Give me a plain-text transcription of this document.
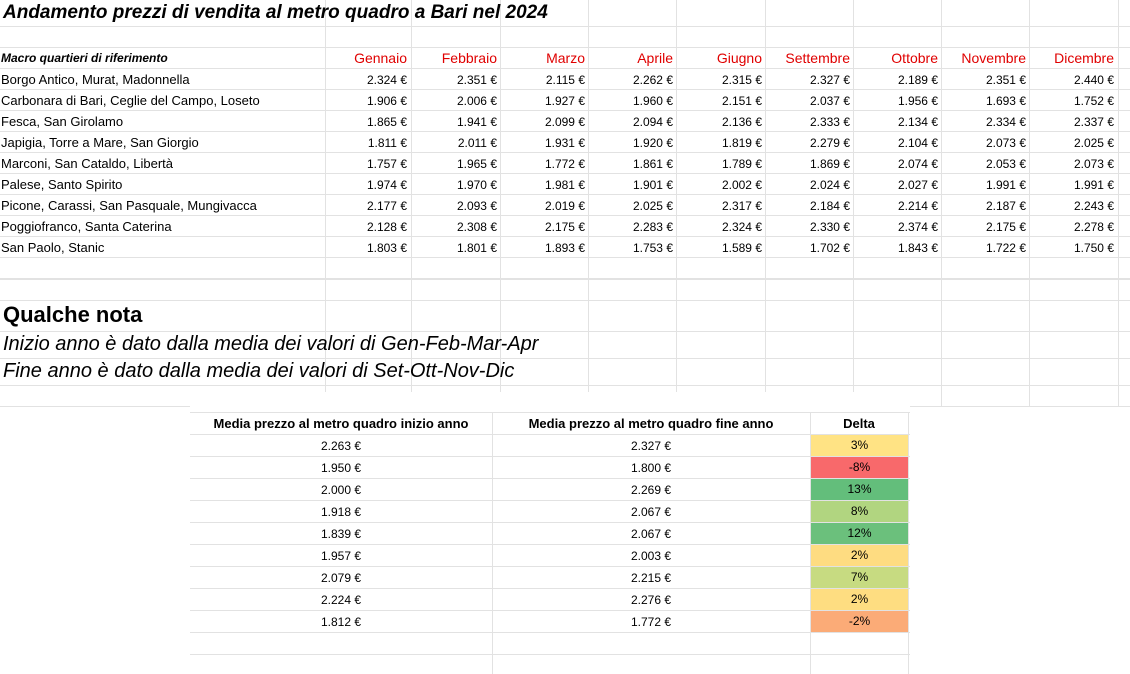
Andamento prezzi di vendita al metro quadro a Bari nel 2024
Macro quartieri di riferimento	Gennaio	Febbraio	Marzo	Aprile	Giugno	Settembre	Ottobre	Novembre	Dicembre
Borgo Antico, Murat, Madonnella	2.324 €	2.351 €	2.115 €	2.262 €	2.315 €	2.327 €	2.189 €	2.351 €	2.440 €
Carbonara di Bari, Ceglie del Campo, Loseto	1.906 €	2.006 €	1.927 €	1.960 €	2.151 €	2.037 €	1.956 €	1.693 €	1.752 €
Fesca, San Girolamo	1.865 €	1.941 €	2.099 €	2.094 €	2.136 €	2.333 €	2.134 €	2.334 €	2.337 €
Japigia, Torre a Mare, San Giorgio	1.811 €	2.011 €	1.931 €	1.920 €	1.819 €	2.279 €	2.104 €	2.073 €	2.025 €
Marconi, San Cataldo, Libertà	1.757 €	1.965 €	1.772 €	1.861 €	1.789 €	1.869 €	2.074 €	2.053 €	2.073 €
Palese, Santo Spirito	1.974 €	1.970 €	1.981 €	1.901 €	2.002 €	2.024 €	2.027 €	1.991 €	1.991 €
Picone, Carassi, San Pasquale, Mungivacca	2.177 €	2.093 €	2.019 €	2.025 €	2.317 €	2.184 €	2.214 €	2.187 €	2.243 €
Poggiofranco, Santa Caterina	2.128 €	2.308 €	2.175 €	2.283 €	2.324 €	2.330 €	2.374 €	2.175 €	2.278 €
San Paolo, Stanic	1.803 €	1.801 €	1.893 €	1.753 €	1.589 €	1.702 €	1.843 €	1.722 €	1.750 €
Qualche nota
Inizio anno è dato dalla media dei valori di Gen-Feb-Mar-Apr
Fine anno è dato dalla media dei valori di Set-Ott-Nov-Dic
Media prezzo al metro quadro inizio anno	Media prezzo al metro quadro fine anno	Delta
2.263 €	2.327 €	3%
1.950 €	1.800 €	-8%
2.000 €	2.269 €	13%
1.918 €	2.067 €	8%
1.839 €	2.067 €	12%
1.957 €	2.003 €	2%
2.079 €	2.215 €	7%
2.224 €	2.276 €	2%
1.812 €	1.772 €	-2%
